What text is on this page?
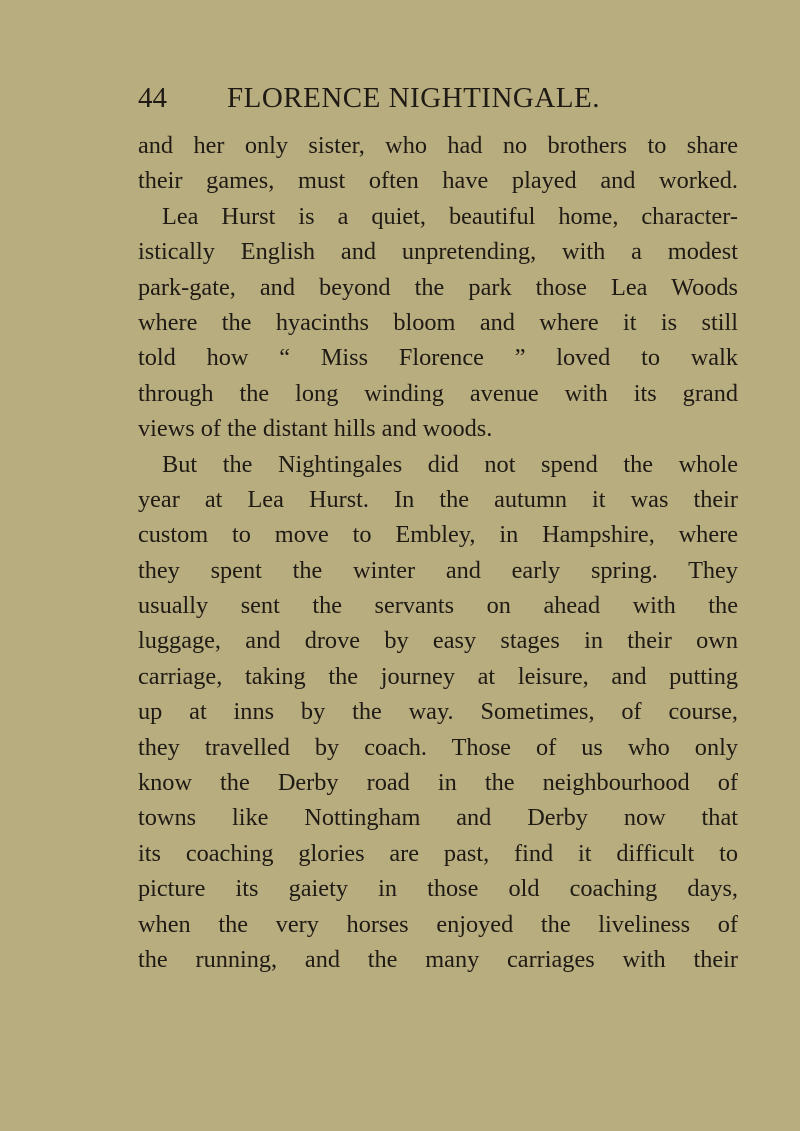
44 FLORENCE NIGHTINGALE.
and her only sister, who had no brothers to share
their games, must often have played and worked.
Lea Hurst is a quiet, beautiful home, character-
istically English and unpretending, with a modest
park-gate, and beyond the park those Lea Woods
where the hyacinths bloom and where it is still
told how “ Miss Florence ” loved to walk
through the long winding avenue with its grand
views of the distant hills and woods.
But the Nightingales did not spend the whole
year at Lea Hurst. In the autumn it was their
custom to move to Embley, in Hampshire, where
they spent the winter and early spring. They
usually sent the servants on ahead with the
luggage, and drove by easy stages in their own
carriage, taking the journey at leisure, and putting
up at inns by the way. Sometimes, of course,
they travelled by coach. Those of us who only
know the Derby road in the neighbourhood of
towns like Nottingham and Derby now that
its coaching glories are past, find it difficult to
picture its gaiety in those old coaching days,
when the very horses enjoyed the liveliness of
the running, and the many carriages with their
